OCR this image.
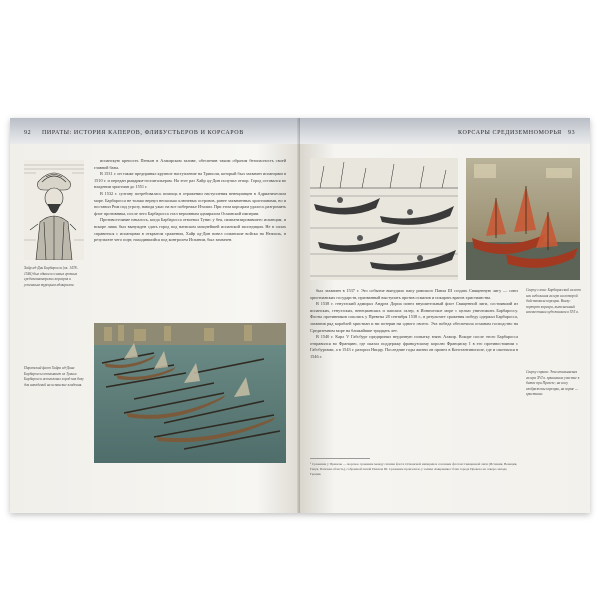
92 ПИРАТЫ: ИСТОРИЯ КАПЕРОВ, ФЛИБУСТЬЕРОВ И КОРСАРОВ
Хайр ад-Дин Барбаросса (ок. 1478–1546) был одним из самых грозных средиземноморских корсаров и успешным турецким адмиралом.
Пиратский флот Хайра ад-Дина Барбароссы отплывает из Туниса. Барбаросса использовал город как базу для нападений на испанские владения.

испанскую крепость Пеньон в Алжирском заливе, обеспечив таким образом безопасность своей главной базы.

В 1531 г. он также предпринял крупное наступление на Триполи, который был захвачен испанцами в 1510 г. и передан рыцарям-госпитальерам. На этот раз Хайр ад-Дин получил отпор. Город оставался во владении христиан до 1551 г.

В 1532 г. султану потребовалась помощь в отражении наступления венецианцев в Адриатическом море. Барбаросса не только вернул несколько ключевых островов, ранее захваченных христианами, но и поставил Рим под угрозу, наводя ужас на все побережье Италии. При этом корсарам удалось разгромить флот противника, после чего Барбаросса стал верховным адмиралом Османской империи.

Противостояние началось, когда Барбаросса отвоевал Тунис у бея, симпатизировавшего испанцам, и вскоре лишь был вынужден сдать город под натиском мощнейшей испанской экспедиции. Не в силах справиться с испанцами в открытом сражении, Хайр ад-Дин повел османские войска на Неаполь, в результате чего порт, находившийся под контролем Испании, был захвачен.

КОРСАРЫ СРЕДИЗЕМНОМОРЬЯ 93

был захвачен в 1537 г. Это событие вынудило папу римского Павла III создать Священную лигу — союз христианских государств, призванный выступить против османов и покарать врагов христианства.

В 1538 г. генуэзский адмирал Андреа Дориа повел внушительный флот Священной лиги, состоявший из испанских, генуэзских, венецианских и папских галер, в Ионическое море с целью уничтожить Барбароссу. Флоты противников сошлись у Превезы 28 сентября 1538 г., в результате сражения победу одержал Барбаросса, захватив ряд кораблей христиан и ни потеряв ни одного своего. Эта победа обеспечила османам господство на Средиземном море на ближайшие тридцать лет.

В 1540 г. Карл V Габсбург предпринял неудачную попытку взять Алжир. Вскоре после этого Барбаросса отправился во Францию, где оказал поддержку французскому королю Франциску I в его противостоянии с Габсбургами, а в 1543 г. разорил Ниццу. Последние годы жизни он провел в Константинополе, где и скончался в 1546 г.

Сверху слева: Барбарисский галеот или небольшая галера на которой действовали корсары. Внизу: портрет корсара, выполненный неизвестным художником в XVI в.
Сверху справа: Эта итальянская галера XVI в. принимала участие в битве при Превезе; на носу изображены корсары, на корме — христиане.
¹ Сражение у Превезы — морское сражение между силами флота Османской империи и союзным флотом Священной лиги (Испания, Венеция, Генуя, Папская область), собранной папой Павлом III. Сражение произошло у залива Амвракикос близ города Превеза на северо-западе Греции.
